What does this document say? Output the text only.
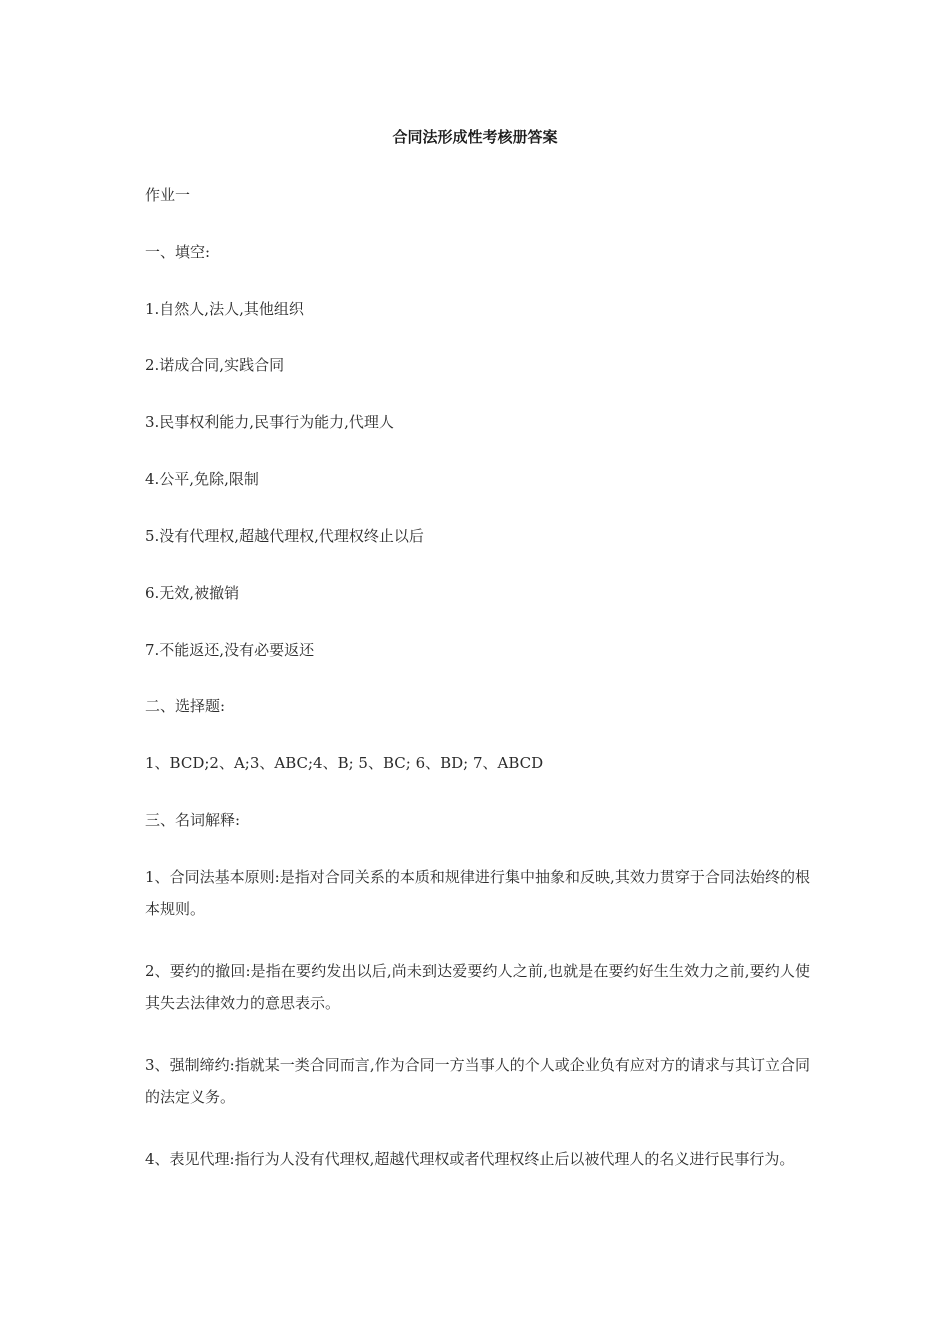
合同法形成性考核册答案
作业一
一、填空:
1.自然人,法人,其他组织
2.诺成合同,实践合同
3.民事权利能力,民事行为能力,代理人
4.公平,免除,限制
5.没有代理权,超越代理权,代理权终止以后
6.无效,被撤销
7.不能返还,没有必要返还
二、选择题:
1、BCD;2、A;3、ABC;4、B; 5、BC; 6、BD; 7、ABCD
三、名词解释:
1、合同法基本原则:是指对合同关系的本质和规律进行集中抽象和反映,其效力贯穿于合同法始终的根本规则。
2、要约的撤回:是指在要约发出以后,尚未到达爱要约人之前,也就是在要约好生生效力之前,要约人使其失去法律效力的意思表示。
3、强制缔约:指就某一类合同而言,作为合同一方当事人的个人或企业负有应对方的请求与其订立合同的法定义务。
4、表见代理:指行为人没有代理权,超越代理权或者代理权终止后以被代理人的名义进行民事行为。
